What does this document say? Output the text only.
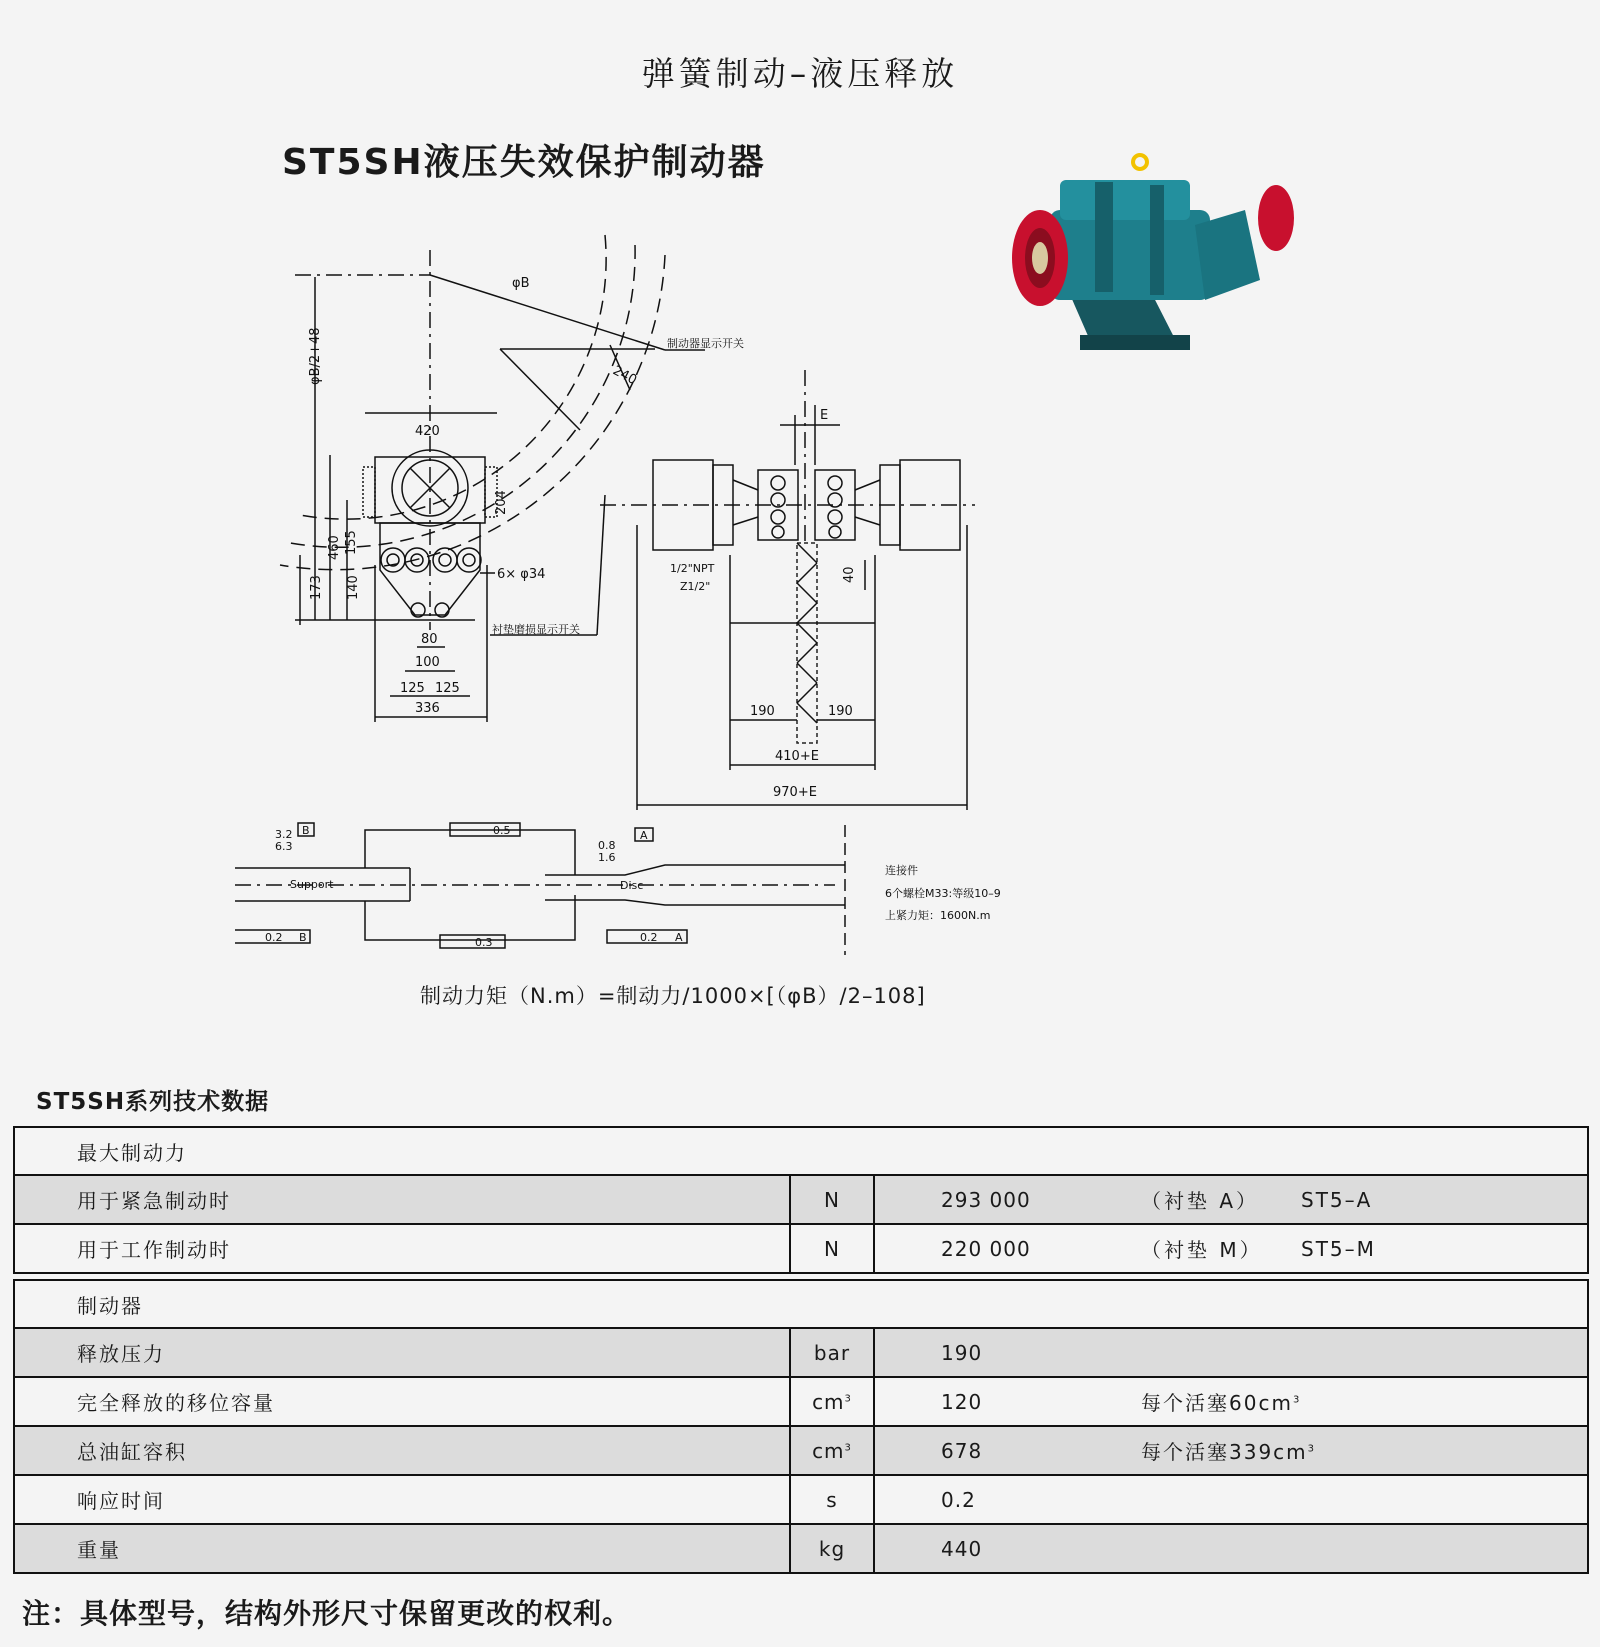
弹簧制动–液压释放
ST5SH液压失效保护制动器
φB
制动器显示开关
240
φB/2+48
460 155
173 140
420
204
6× φ34
衬垫磨损显示开关
80
100
125 125
336
E
40
1/2"NPT
Z1/2"
190	190
410+E
970+E
3.2
6.3
B	A
0.8
1.6
0.5
0.2 B	0.3	0.2 A
Support	Disc
连接件
6个螺栓M33:等级10–9
上紧力矩：1600N.m
制动力矩（N.m）=制动力/1000×[（φB）/2–108]
ST5SH系列技术数据
最大制动力				
用于紧急制动时	N	293 000	（衬垫 A）	ST5–A
用于工作制动时	N	220 000	（衬垫 M）	ST5–M
制动器			
释放压力	bar	190	
完全释放的移位容量	$cm^3$	120	每个活塞$60cm^3$
总油缸容积	$cm^3$	678	每个活塞$339cm^3$
响应时间	s	0.2	
重量	kg	440	
注：具体型号，结构外形尺寸保留更改的权利。
